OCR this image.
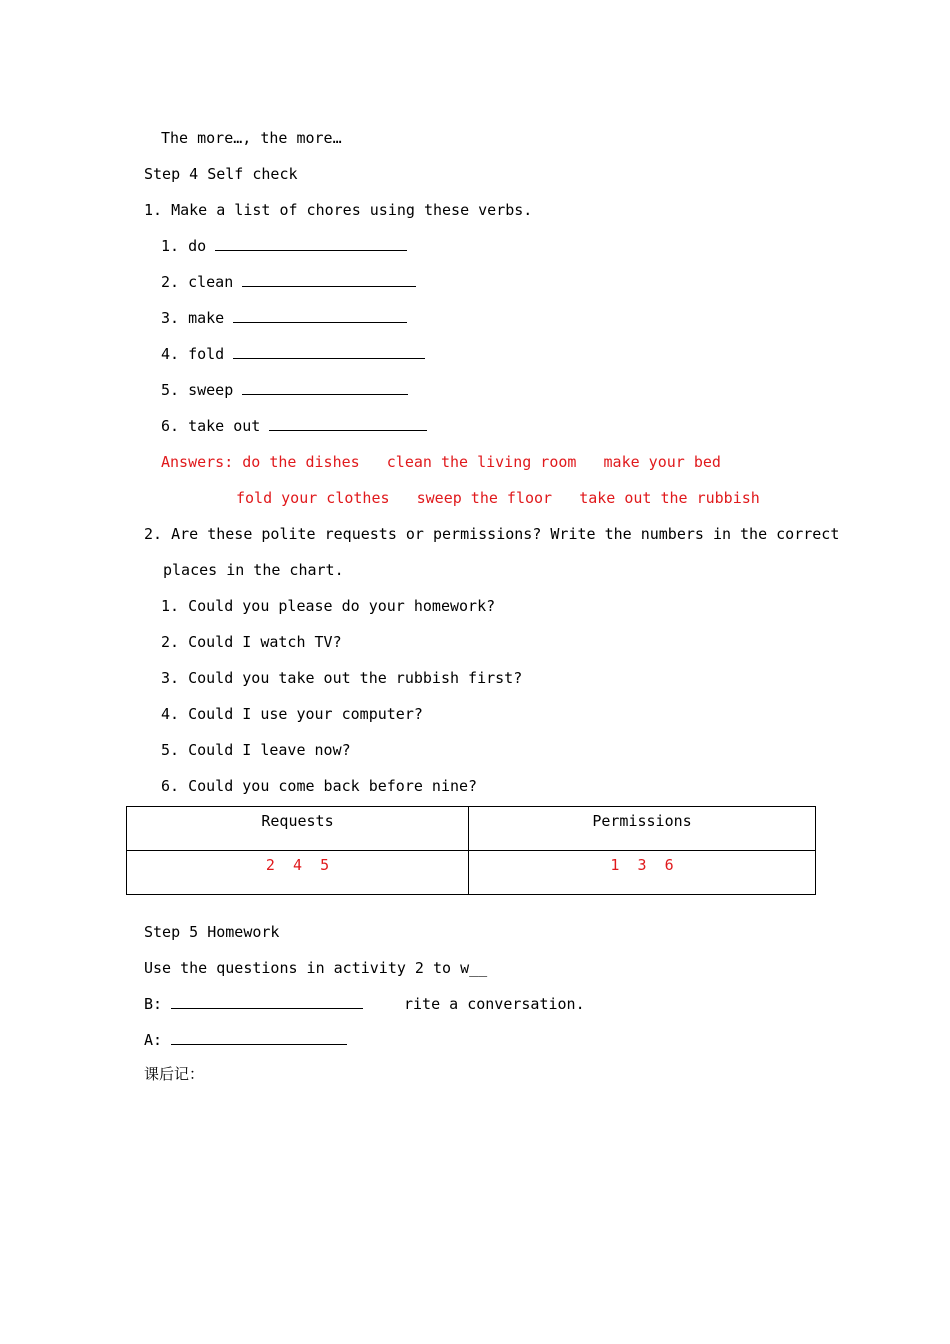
The more…, the more…
Step 4 Self check
1. Make a list of chores using these verbs.
1. do
2. clean
3. make
4. fold
5. sweep
6. take out
Answers: do the dishes clean the living room make your bed
fold your clothes sweep the floor take out the rubbish
2. Are these polite requests or permissions? Write the numbers in the correct
places in the chart.
1. Could you please do your homework?
2. Could I watch TV?
3. Could you take out the rubbish first?
4. Could I use your computer?
5. Could I leave now?
6. Could you come back before nine?
Requests	Permissions
2  4  5	1  3  6
Step 5 Homework
Use the questions in activity 2 to w__
B:	rite a conversation.
A:
课后记：
